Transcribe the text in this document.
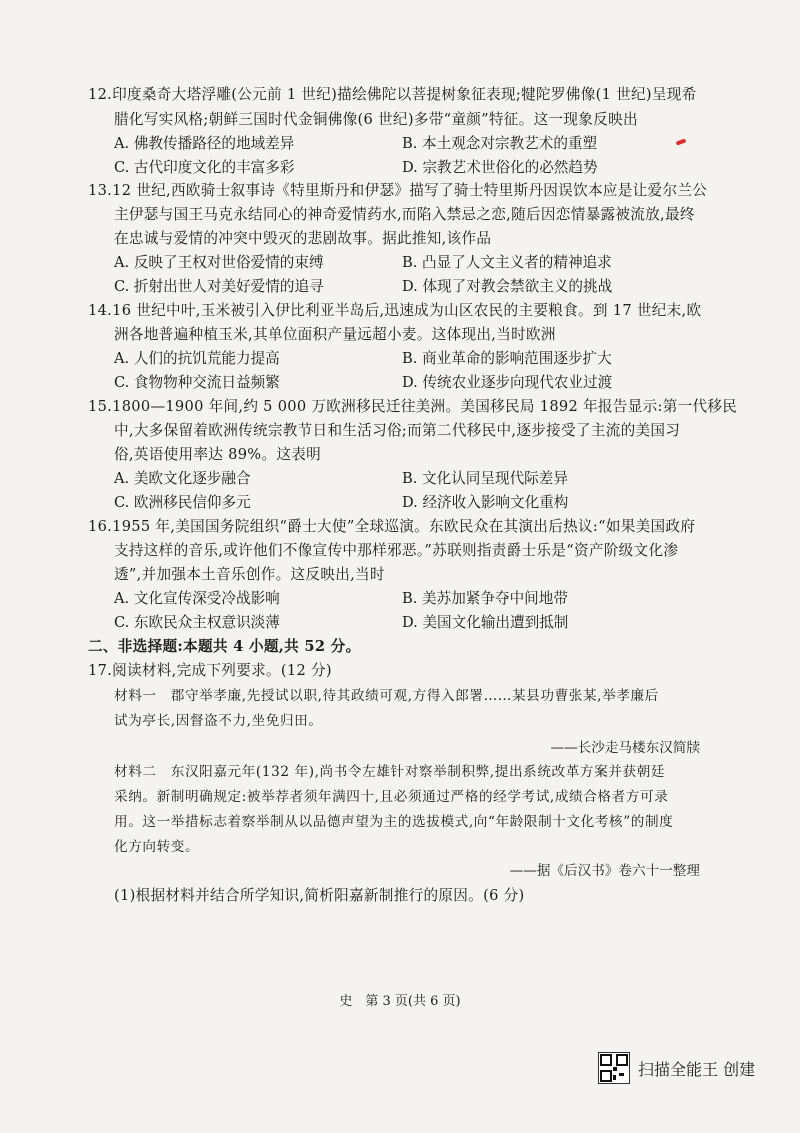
12.印度桑奇大塔浮雕(公元前 1 世纪)描绘佛陀以菩提树象征表现;犍陀罗佛像(1 世纪)呈现希
腊化写实风格;朝鲜三国时代金铜佛像(6 世纪)多带“童颜”特征。这一现象反映出
A. 佛教传播路径的地域差异	B. 本土观念对宗教艺术的重塑
C. 古代印度文化的丰富多彩	D. 宗教艺术世俗化的必然趋势
13.12 世纪,西欧骑士叙事诗《特里斯丹和伊瑟》描写了骑士特里斯丹因误饮本应是让爱尔兰公
主伊瑟与国王马克永结同心的神奇爱情药水,而陷入禁忌之恋,随后因恋情暴露被流放,最终
在忠诚与爱情的冲突中毁灭的悲剧故事。据此推知,该作品
A. 反映了王权对世俗爱情的束缚	B. 凸显了人文主义者的精神追求
C. 折射出世人对美好爱情的追寻	D. 体现了对教会禁欲主义的挑战
14.16 世纪中叶,玉米被引入伊比利亚半岛后,迅速成为山区农民的主要粮食。到 17 世纪末,欧
洲各地普遍种植玉米,其单位面积产量远超小麦。这体现出,当时欧洲
A. 人们的抗饥荒能力提高	B. 商业革命的影响范围逐步扩大
C. 食物物种交流日益频繁	D. 传统农业逐步向现代农业过渡
15.1800—1900 年间,约 5 000 万欧洲移民迁往美洲。美国移民局 1892 年报告显示:第一代移民
中,大多保留着欧洲传统宗教节日和生活习俗;而第二代移民中,逐步接受了主流的美国习
俗,英语使用率达 89%。这表明
A. 美欧文化逐步融合	B. 文化认同呈现代际差异
C. 欧洲移民信仰多元	D. 经济收入影响文化重构
16.1955 年,美国国务院组织“爵士大使”全球巡演。东欧民众在其演出后热议:“如果美国政府
支持这样的音乐,或许他们不像宣传中那样邪恶。”苏联则指责爵士乐是“资产阶级文化渗
透”,并加强本土音乐创作。这反映出,当时
A. 文化宣传深受冷战影响	B. 美苏加紧争夺中间地带
C. 东欧民众主权意识淡薄	D. 美国文化输出遭到抵制
二、非选择题:本题共 4 小题,共 52 分。
17.阅读材料,完成下列要求。(12 分)
材料一　郡守举孝廉,先授试以职,待其政绩可观,方得入郎署……某县功曹张某,举孝廉后
试为亭长,因督盗不力,坐免归田。
——长沙走马楼东汉简牍
材料二　东汉阳嘉元年(132 年),尚书令左雄针对察举制积弊,提出系统改革方案并获朝廷
采纳。新制明确规定:被举荐者须年满四十,且必须通过严格的经学考试,成绩合格者方可录
用。这一举措标志着察举制从以品德声望为主的选拔模式,向“年龄限制十文化考核”的制度
化方向转变。
——据《后汉书》卷六十一整理
(1)根据材料并结合所学知识,简析阳嘉新制推行的原因。(6 分)
史　第 3 页(共 6 页)
扫描全能王 创建
